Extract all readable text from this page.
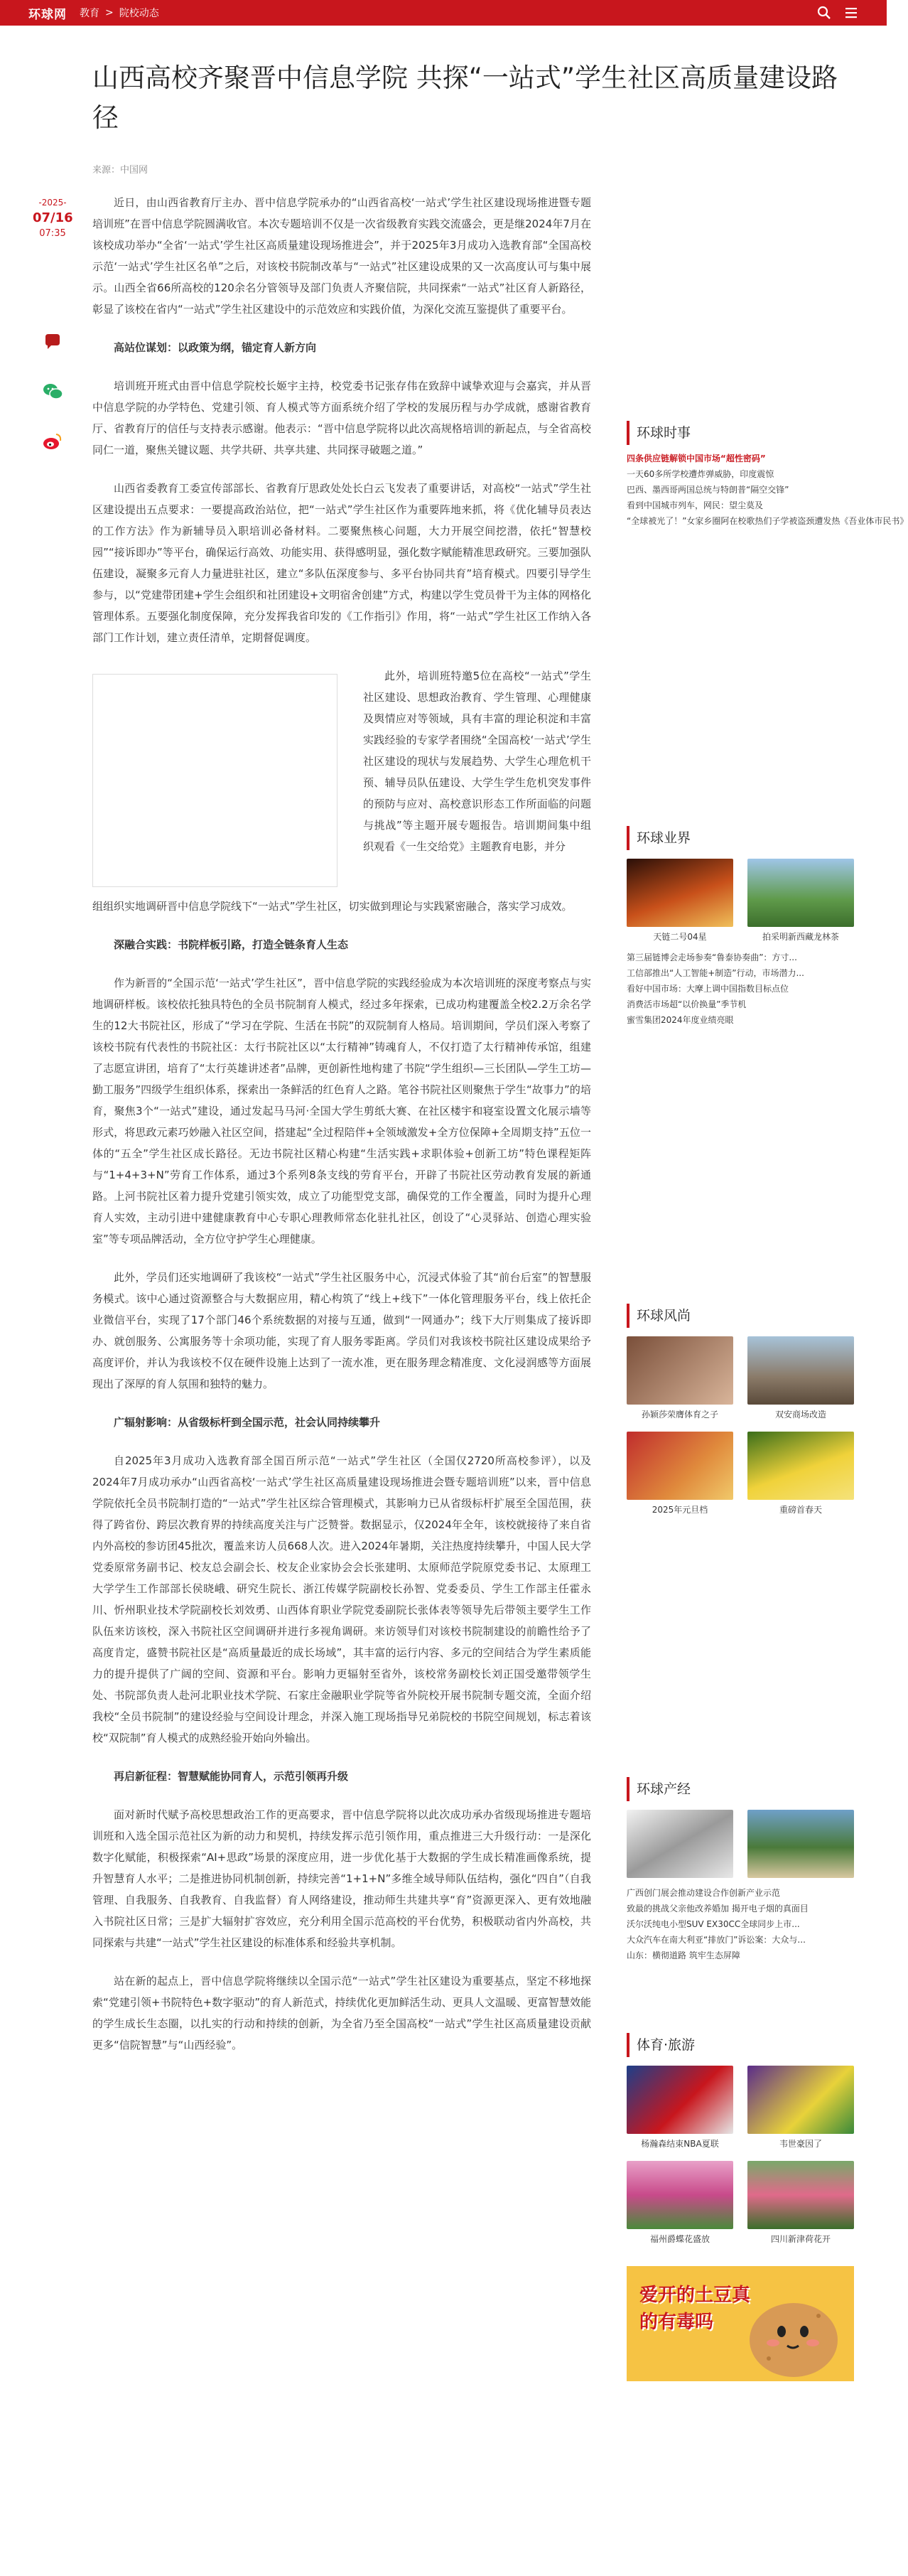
环球网 教育 > 院校动态
山西高校齐聚晋中信息学院 共探“一站式”学生社区高质量建设路径
来源：中国网
-2025-
07/16
07:35

近日，由山西省教育厅主办、晋中信息学院承办的“山西省高校‘一站式’学生社区建设现场推进暨专题培训班”在晋中信息学院圆满收官。本次专题培训不仅是一次省级教育实践交流盛会，更是继2024年7月在该校成功举办“全省‘一站式’学生社区高质量建设现场推进会”，并于2025年3月成功入选教育部“全国高校示范‘一站式’学生社区名单”之后，对该校书院制改革与“一站式”社区建设成果的又一次高度认可与集中展示。山西全省66所高校的120余名分管领导及部门负责人齐聚信院，共同探索“一站式”社区育人新路径，彰显了该校在省内“一站式”学生社区建设中的示范效应和实践价值，为深化交流互鉴提供了重要平台。

高站位谋划：以政策为纲，锚定育人新方向

培训班开班式由晋中信息学院校长姬宇主持，校党委书记张存伟在致辞中诚挚欢迎与会嘉宾，并从晋中信息学院的办学特色、党建引领、育人模式等方面系统介绍了学校的发展历程与办学成就，感谢省教育厅、省教育厅的信任与支持表示感谢。他表示：“晋中信息学院将以此次高规格培训的新起点，与全省高校同仁一道，聚焦关键议题、共学共研、共享共建、共同探寻破题之道。”

山西省委教育工委宣传部部长、省教育厅思政处处长白云飞发表了重要讲话，对高校“一站式”学生社区建设提出五点要求：一要提高政治站位，把“一站式”学生社区作为重要阵地来抓，将《优化辅导员表达的工作方法》作为新辅导员入职培训必备材料。二要聚焦核心问题，大力开展空间挖潜，依托“智慧校园”“接诉即办”等平台，确保运行高效、功能实用、获得感明显，强化数字赋能精准思政研究。三要加强队伍建设，凝聚多元育人力量进驻社区，建立“多队伍深度参与、多平台协同共育”培育模式。四要引导学生参与，以“党建带团建+学生会组织和社团建设+文明宿舍创建”方式，构建以学生党员骨干为主体的网格化管理体系。五要强化制度保障，充分发挥我省印发的《工作指引》作用，将“一站式”学生社区工作纳入各部门工作计划，建立责任清单，定期督促调度。

此外，培训班特邀5位在高校“一站式”学生社区建设、思想政治教育、学生管理、心理健康及舆情应对等领域，具有丰富的理论积淀和丰富实践经验的专家学者围绕“全国高校‘一站式’学生社区建设的现状与发展趋势、大学生心理危机干预、辅导员队伍建设、大学生学生危机突发事件的预防与应对、高校意识形态工作所面临的问题与挑战”等主题开展专题报告。培训期间集中组织观看《一生交给党》主题教育电影，并分

组组织实地调研晋中信息学院线下“一站式”学生社区，切实做到理论与实践紧密融合，落实学习成效。

深融合实践：书院样板引路，打造全链条育人生态

作为新晋的“全国示范‘一站式’学生社区”，晋中信息学院的实践经验成为本次培训班的深度考察点与实地调研样板。该校依托独具特色的全员书院制育人模式，经过多年探索，已成功构建覆盖全校2.2万余名学生的12大书院社区，形成了“学习在学院、生活在书院”的双院制育人格局。培训期间，学员们深入考察了该校书院有代表性的书院社区：太行书院社区以“太行精神”铸魂育人，不仅打造了太行精神传承馆，组建了志愿宣讲团，培育了“太行英雄讲述者”品牌，更创新性地构建了书院“学生组织—三长团队—学生工坊—勤工服务”四级学生组织体系，探索出一条鲜活的红色育人之路。笔谷书院社区则聚焦于学生“故事力”的培育，聚焦3个“一站式”建设，通过发起马马河·全国大学生剪纸大赛、在社区楼宇和寝室设置文化展示墙等形式，将思政元素巧妙融入社区空间，搭建起“全过程陪伴+全领域激发+全方位保障+全周期支持”五位一体的“五全”学生社区成长路径。无边书院社区精心构建“生活实践+求职体验+创新工坊”特色课程矩阵与“1+4+3+N”劳育工作体系，通过3个系列8条支线的劳育平台，开辟了书院社区劳动教育发展的新通路。上河书院社区着力提升党建引领实效，成立了功能型党支部，确保党的工作全覆盖，同时为提升心理育人实效，主动引进中建健康教育中心专职心理教师常态化驻扎社区，创设了“心灵驿站、创造心理实验室”等专项品牌活动，全方位守护学生心理健康。

此外，学员们还实地调研了我该校“一站式”学生社区服务中心，沉浸式体验了其“前台后室”的智慧服务模式。该中心通过资源整合与大数据应用，精心构筑了“线上+线下”一体化管理服务平台，线上依托企业微信平台，实现了17个部门46个系统数据的对接与互通，做到“一网通办”；线下大厅则集成了接诉即办、就创服务、公寓服务等十余项功能，实现了育人服务零距离。学员们对我该校书院社区建设成果给予高度评价，并认为我该校不仅在硬件设施上达到了一流水准，更在服务理念精准度、文化浸润感等方面展现出了深厚的育人氛围和独特的魅力。

广辐射影响：从省级标杆到全国示范，社会认同持续攀升

自2025年3月成功入选教育部全国百所示范“一站式”学生社区（全国仅2720所高校参评），以及2024年7月成功承办“山西省高校‘一站式’学生社区高质量建设现场推进会暨专题培训班”以来，晋中信息学院依托全员书院制打造的“一站式”学生社区综合管理模式，其影响力已从省级标杆扩展至全国范围，获得了跨省份、跨层次教育界的持续高度关注与广泛赞誉。数据显示，仅2024年全年，该校就接待了来自省内外高校的参访团45批次，覆盖来访人员668人次。进入2024年暑期，关注热度持续攀升，中国人民大学党委原常务副书记、校友总会副会长、校友企业家协会会长张建明、太原师范学院原党委书记、太原理工大学学生工作部部长侯晓峨、研究生院长、浙江传媒学院副校长孙智、党委委员、学生工作部主任霍永川、忻州职业技术学院副校长刘效勇、山西体育职业学院党委副院长张体表等领导先后带领主要学生工作队伍来访该校，深入书院社区空间调研并进行多视角调研。来访领导们对该校书院制建设的前瞻性给予了高度肯定，盛赞书院社区是“高质量最近的成长场域”，其丰富的运行内容、多元的空间结合为学生素质能力的提升提供了广阔的空间、资源和平台。影响力更辐射至省外，该校常务副校长刘正国受邀带领学生处、书院部负责人赴河北职业技术学院、石家庄金融职业学院等省外院校开展书院制专题交流，全面介绍我校“全员书院制”的建设经验与空间设计理念，并深入施工现场指导兄弟院校的书院空间规划，标志着该校“双院制”育人模式的成熟经验开始向外输出。

再启新征程：智慧赋能协同育人，示范引领再升级

面对新时代赋予高校思想政治工作的更高要求，晋中信息学院将以此次成功承办省级现场推进专题培训班和入选全国示范社区为新的动力和契机，持续发挥示范引领作用，重点推进三大升级行动：一是深化数字化赋能，积极探索“AI+思政”场景的深度应用，进一步优化基于大数据的学生成长精准画像系统，提升智慧育人水平；二是推进协同机制创新，持续完善“1+1+N”多维全域导师队伍结构，强化“四自”（自我管理、自我服务、自我教育、自我监督）育人网络建设，推动师生共建共享“育”资源更深入、更有效地融入书院社区日常；三是扩大辐射扩容效应，充分利用全国示范高校的平台优势，积极联动省内外高校，共同探索与共建“一站式”学生社区建设的标准体系和经验共享机制。

站在新的起点上，晋中信息学院将继续以全国示范“一站式”学生社区建设为重要基点，坚定不移地探索“党建引领+书院特色+数字驱动”的育人新范式，持续优化更加鲜活生动、更具人文温暖、更富智慧效能的学生成长生态圈，以扎实的行动和持续的创新，为全省乃至全国高校“一站式”学生社区高质量建设贡献更多“信院智慧”与“山西经验”。

环球时事
四条供应链解锁中国市场“超性密码”
一天60多所学校遭炸弹威胁，印度震惊
巴西、墨西哥两国总统与特朗普“隔空交锋”
看到中国城市列车，网民：望尘莫及
“全球被光了！”女家乡圈阿在校歌热们子学被盗颈遭发热《吾业体市民书》
环球业界
天链二号04星	拍采明新西藏龙林茶
第三届链博会走场参奏“鲁泰协奏曲”：方寸...
工信部推出“人工智能+制造”行动，市场潜力...
看好中国市场：大摩上调中国指数目标点位
消费活市场超“以价换量”季节机
蜜雪集团2024年度业绩亮眼
环球风尚
孙颖莎荣膺体育之子	双安商场改造
2025年元旦档	重磅首春天
环球产经
广西创门展会推动建设合作创新产业示范
致最的挑战父亲他改养婚加 揭开电子烟的真面目
沃尔沃纯电小型SUV EX30CC全球同步上市...
大众汽车在南大利亚“排放门”诉讼案：大众与...
山东：横彻道路 筑牢生态屏障
体育·旅游
杨瀚森结束NBA夏联	韦世豪因了
福州爵蝶花盛放	四川新津荷花开
爱开的土豆真的有毒吗
